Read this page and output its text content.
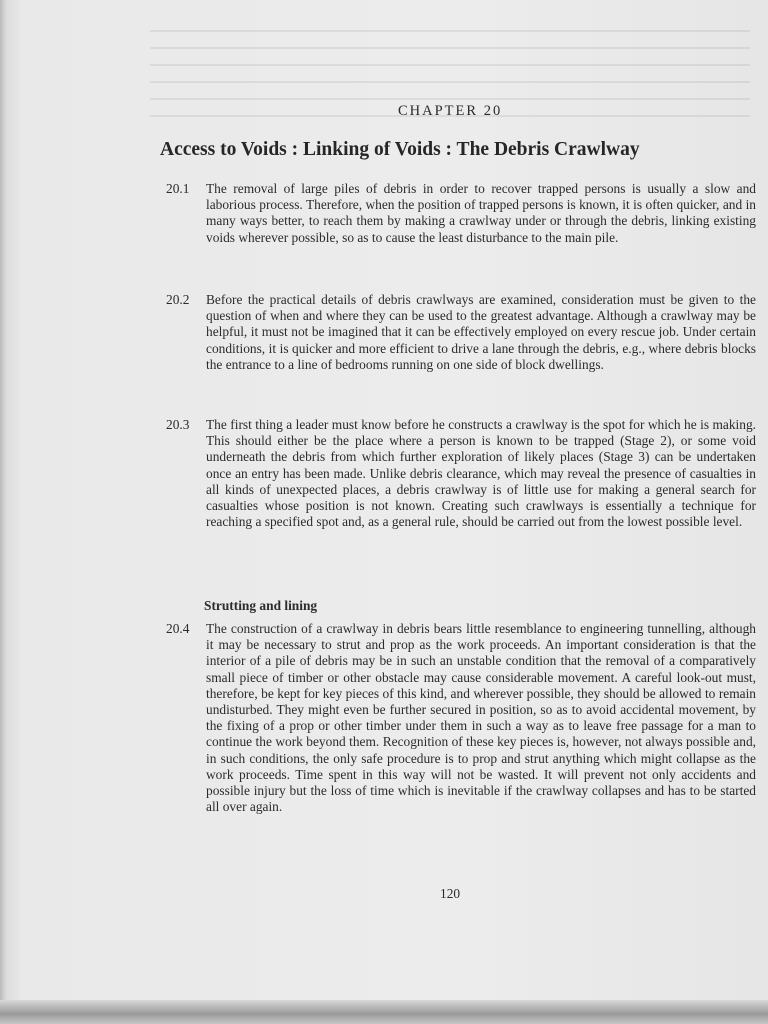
CHAPTER 20
Access to Voids : Linking of Voids : The Debris Crawlway
20.1	The removal of large piles of debris in order to recover trapped persons is usually a slow and laborious process. Therefore, when the position of trapped persons is known, it is often quicker, and in many ways better, to reach them by making a crawlway under or through the debris, linking existing voids wherever possible, so as to cause the least disturbance to the main pile.
20.2	Before the practical details of debris crawlways are examined, consideration must be given to the question of when and where they can be used to the greatest advantage. Although a crawlway may be helpful, it must not be imagined that it can be effectively employed on every rescue job. Under certain conditions, it is quicker and more efficient to drive a lane through the debris, e.g., where debris blocks the entrance to a line of bedrooms running on one side of block dwellings.
20.3	The first thing a leader must know before he constructs a crawlway is the spot for which he is making. This should either be the place where a person is known to be trapped (Stage 2), or some void underneath the debris from which further exploration of likely places (Stage 3) can be undertaken once an entry has been made. Unlike debris clearance, which may reveal the presence of casualties in all kinds of unexpected places, a debris crawlway is of little use for making a general search for casualties whose position is not known. Creating such crawlways is essentially a technique for reaching a specified spot and, as a general rule, should be carried out from the lowest possible level.
Strutting and lining
20.4	The construction of a crawlway in debris bears little resemblance to engineering tunnelling, although it may be necessary to strut and prop as the work proceeds. An important consideration is that the interior of a pile of debris may be in such an unstable condition that the removal of a comparatively small piece of timber or other obstacle may cause considerable movement. A careful look-out must, therefore, be kept for key pieces of this kind, and wherever possible, they should be allowed to remain undisturbed. They might even be further secured in position, so as to avoid accidental movement, by the fixing of a prop or other timber under them in such a way as to leave free passage for a man to continue the work beyond them. Recognition of these key pieces is, however, not always possible and, in such conditions, the only safe procedure is to prop and strut anything which might collapse as the work proceeds. Time spent in this way will not be wasted. It will prevent not only accidents and possible injury but the loss of time which is inevitable if the crawlway collapses and has to be started all over again.
120
